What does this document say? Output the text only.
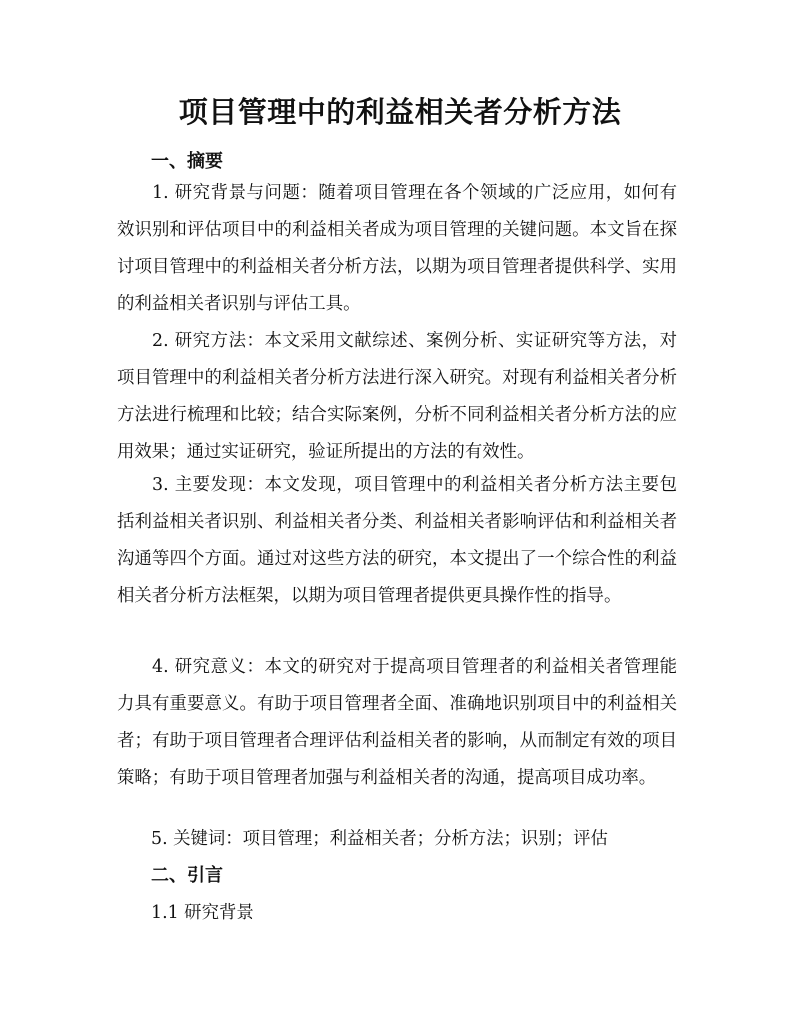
项目管理中的利益相关者分析方法
一、摘要
1. 研究背景与问题：随着项目管理在各个领域的广泛应用，如何有效识别和评估项目中的利益相关者成为项目管理的关键问题。本文旨在探讨项目管理中的利益相关者分析方法，以期为项目管理者提供科学、实用的利益相关者识别与评估工具。
2. 研究方法：本文采用文献综述、案例分析、实证研究等方法，对项目管理中的利益相关者分析方法进行深入研究。对现有利益相关者分析方法进行梳理和比较；结合实际案例，分析不同利益相关者分析方法的应用效果；通过实证研究，验证所提出的方法的有效性。
3. 主要发现：本文发现，项目管理中的利益相关者分析方法主要包括利益相关者识别、利益相关者分类、利益相关者影响评估和利益相关者沟通等四个方面。通过对这些方法的研究，本文提出了一个综合性的利益相关者分析方法框架，以期为项目管理者提供更具操作性的指导。
4. 研究意义：本文的研究对于提高项目管理者的利益相关者管理能力具有重要意义。有助于项目管理者全面、准确地识别项目中的利益相关者；有助于项目管理者合理评估利益相关者的影响，从而制定有效的项目策略；有助于项目管理者加强与利益相关者的沟通，提高项目成功率。
5. 关键词：项目管理；利益相关者；分析方法；识别；评估
二、引言
1.1 研究背景
